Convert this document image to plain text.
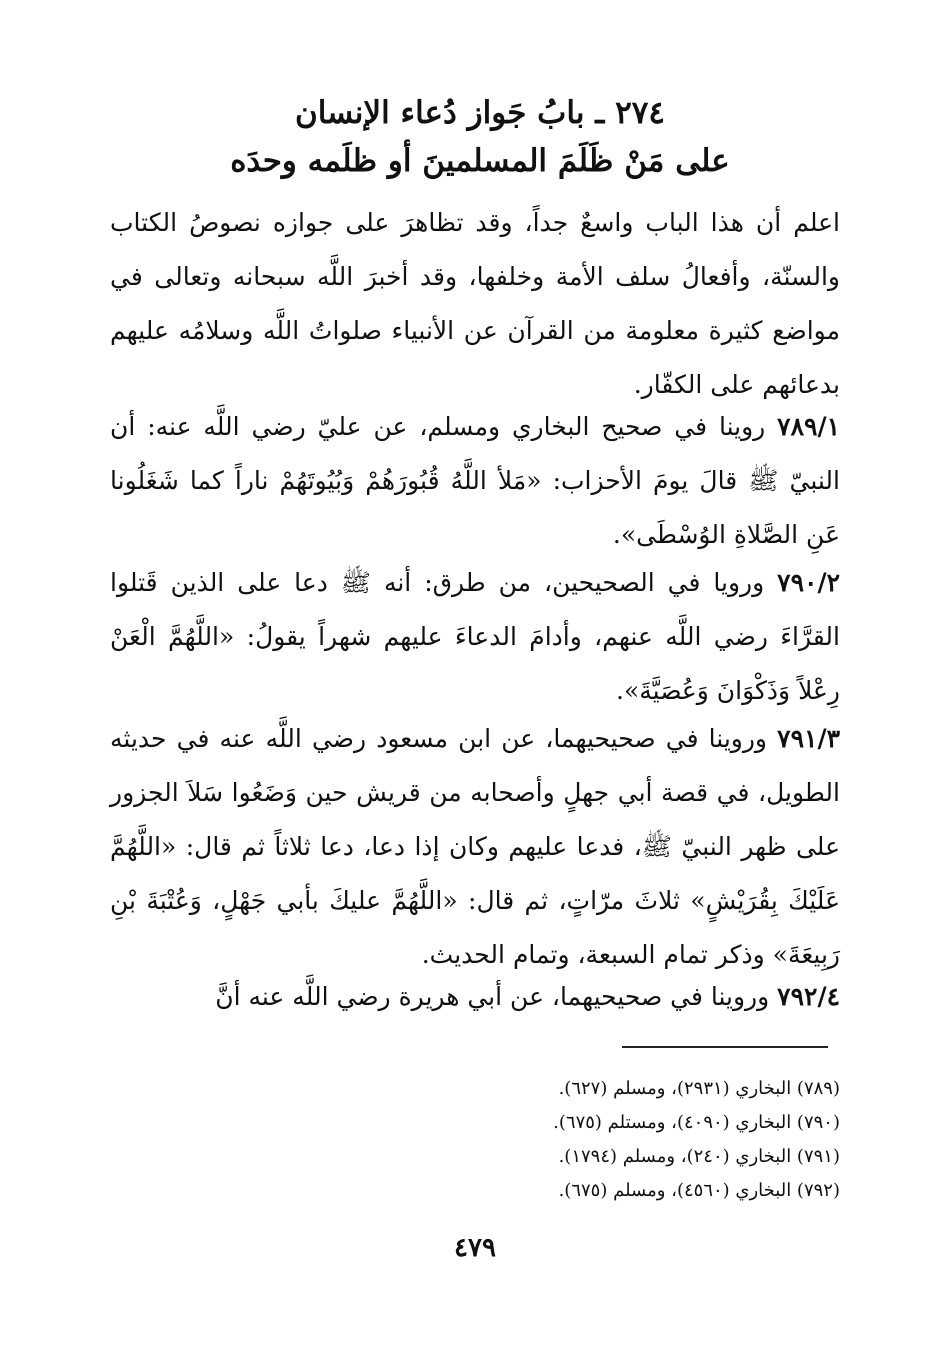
٢٧٤ ـ بابُ جَواز دُعاء الإنسان
على مَنْ ظَلَمَ المسلمينَ أو ظلَمه وحدَه
اعلم أن هذا الباب واسعٌ جداً، وقد تظاهرَ على جوازه نصوصُ الكتاب والسنّة، وأفعالُ سلف الأمة وخلفها، وقد أخبرَ اللَّه سبحانه وتعالى في مواضع كثيرة معلومة من القرآن عن الأنبياء صلواتُ اللَّه وسلامُه عليهم بدعائهم على الكفّار.
٧٨٩/١ روينا في صحيح البخاري ومسلم، عن عليّ رضي اللَّه عنه: أن النبيّ ﷺ قالَ يومَ الأحزاب: «مَلأ اللَّهُ قُبُورَهُمْ وَبُيُوتَهُمْ ناراً كما شَغَلُونا عَنِ الصَّلاةِ الوُسْطَى».
٧٩٠/٢ ورويا في الصحيحين، من طرق: أنه ﷺ دعا على الذين قَتلوا القرَّاءَ رضي اللَّه عنهم، وأدامَ الدعاءَ عليهم شهراً يقولُ: «اللَّهُمَّ الْعَنْ رِعْلاً وَذَكْوَانَ وَعُصَيَّةَ».
٧٩١/٣ وروينا في صحيحيهما، عن ابن مسعود رضي اللَّه عنه في حديثه الطويل، في قصة أبي جهلٍ وأصحابه من قريش حين وَضَعُوا سَلاَ الجزور على ظهر النبيّ ﷺ، فدعا عليهم وكان إذا دعا، دعا ثلاثاً ثم قال: «اللَّهُمَّ عَلَيْكَ بِقُرَيْشٍ» ثلاثَ مرّاتٍ، ثم قال: «اللَّهُمَّ عليكَ بأبي جَهْلٍ، وَعُتْبَةَ بْنِ رَبِيعَةَ» وذكر تمام السبعة، وتمام الحديث.
٧٩٢/٤ وروينا في صحيحيهما، عن أبي هريرة رضي اللَّه عنه أنَّ
(٧٨٩) البخاري (٢٩٣١)، ومسلم (٦٢٧).
(٧٩٠) البخاري (٤٠٩٠)، ومستلم (٦٧٥).
(٧٩١) البخاري (٢٤٠)، ومسلم (١٧٩٤).
(٧٩٢) البخاري (٤٥٦٠)، ومسلم (٦٧٥).
٤٧٩
